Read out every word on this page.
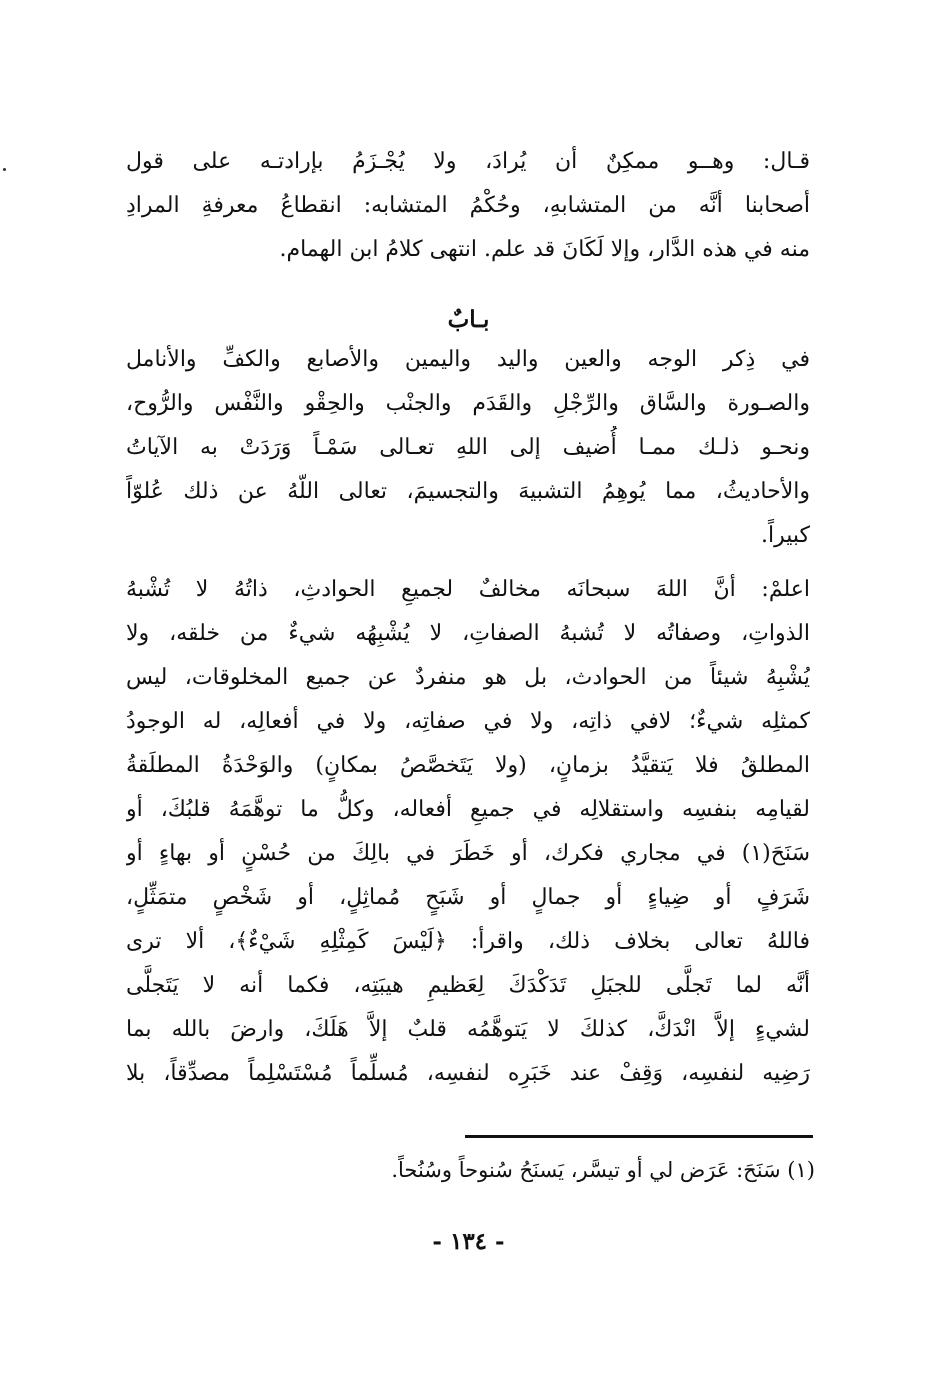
قـال: وهــو ممكِنٌ أن يُرادَ، ولا يُجْـزَمُ بإرادتـه على قول
أصحابنا أنَّه من المتشابهِ، وحُكْمُ المتشابه: انقطاعُ معرفةِ المرادِ
منه في هذه الدَّار، وإلا لَكَانَ قد علم. انتهى كلامُ ابن الهمام.
بـابٌ
في ذِكر الوجه والعين واليد واليمين والأصابع والكفِّ والأنامل
والصـورة والسَّاق والرِّجْلِ والقَدَم والجنْب والحِقْو والنَّفْس والرُّوح،
ونحـو ذلـك ممـا أُضيف إلى اللهِ تعـالى سَمْـاً وَرَدَتْ به الآياتُ
والأحاديثُ، مما يُوهِمُ التشبيهَ والتجسيمَ، تعالى اللّهُ عن ذلك عُلوّاً
كبيراً.
اعلمْ: أنَّ اللهَ سبحانَه مخالفٌ لجميعِ الحوادثِ، ذاتُهُ لا تُشْبهُ
الذواتِ، وصفاتُه لا تُشبهُ الصفاتِ، لا يُشْبِهُه شيءٌ من خلقه، ولا
يُشْبِهُ شيئاً من الحوادث، بل هو منفردٌ عن جميع المخلوقات، ليس
كمثلِه شيءٌ؛ لافي ذاتِه، ولا في صفاتِه، ولا في أفعالِه، له الوجودُ
المطلقُ فلا يَتقيَّدُ بزمانٍ، (ولا يَتَخصَّصُ بمكانٍ) والوَحْدَةُ المطلَقةُ
لقيامِه بنفسِه واستقلالِه في جميعِ أفعاله، وكلُّ ما توهَّمَهُ قلبُكَ، أو
سَنَحَ(١) في مجاري فكرك، أو خَطَرَ في بالِكَ من حُسْنٍ أو بهاءٍ أو
شَرَفٍ أو ضِياءٍ أو جمالٍ أو شَبَحٍ مُماثِلٍ، أو شَخْصٍ متمَثِّلٍ،
فاللهُ تعالى بخلاف ذلك، واقرأ: ﴿لَيْسَ كَمِثْلِهِ شَيْءٌ﴾، ألا ترى
أنَّه لما تَجلَّى للجبَلِ تَدَكْدَكَ لِعَظيمِ هيبَتِه، فكما أنه لا يَتَجلَّى
لشيءٍ إلاَّ انْدَكَّ، كذلكَ لا يَتوهَّمُه قلبٌ إلاَّ هَلَكَ، وارضَ بالله بما
رَضِيه لنفسِه، وَقِفْ عند خَبَرِه لنفسِه، مُسلِّماً مُسْتَسْلِماً مصدِّقاً، بلا
(١) سَنَحَ: عَرَض لي أو تيسَّر، يَسنَحُ سُنوحاً وسُنُحاً.
- ١٣٤ -
